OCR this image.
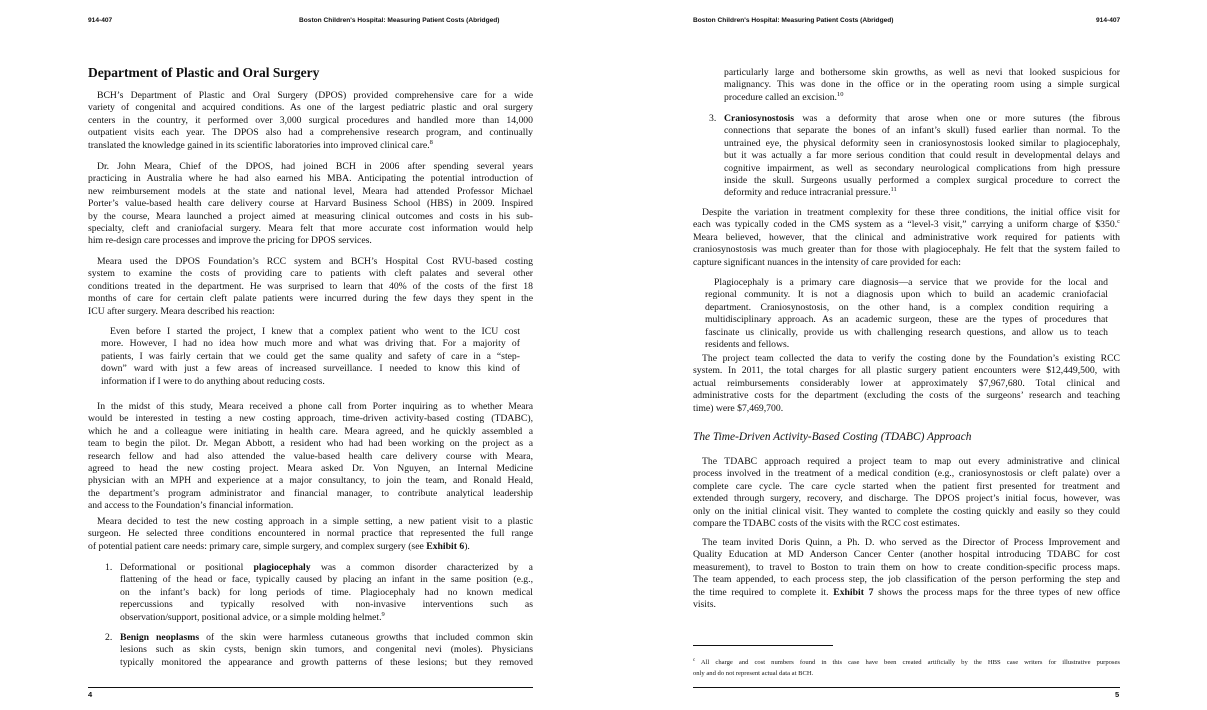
914-407	Boston Children's Hospital: Measuring Patient Costs (Abridged)
Department of Plastic and Oral Surgery
BCH’s Department of Plastic and Oral Surgery (DPOS) provided comprehensive care for a wide
variety of congenital and acquired conditions. As one of the largest pediatric plastic and oral surgery
centers in the country, it performed over 3,000 surgical procedures and handled more than 14,000
outpatient visits each year. The DPOS also had a comprehensive research program, and continually
translated the knowledge gained in its scientific laboratories into improved clinical care.$^8$
Dr. John Meara, Chief of the DPOS, had joined BCH in 2006 after spending several years
practicing in Australia where he had also earned his MBA. Anticipating the potential introduction of
new reimbursement models at the state and national level, Meara had attended Professor Michael
Porter’s value-based health care delivery course at Harvard Business School (HBS) in 2009. Inspired
by the course, Meara launched a project aimed at measuring clinical outcomes and costs in his sub-
specialty, cleft and craniofacial surgery. Meara felt that more accurate cost information would help
him re-design care processes and improve the pricing for DPOS services.
Meara used the DPOS Foundation’s RCC system and BCH’s Hospital Cost RVU-based costing
system to examine the costs of providing care to patients with cleft palates and several other
conditions treated in the department. He was surprised to learn that 40% of the costs of the first 18
months of care for certain cleft palate patients were incurred during the few days they spent in the
ICU after surgery. Meara described his reaction:
Even before I started the project, I knew that a complex patient who went to the ICU cost
more. However, I had no idea how much more and what was driving that. For a majority of
patients, I was fairly certain that we could get the same quality and safety of care in a “step-
down” ward with just a few areas of increased surveillance. I needed to know this kind of
information if I were to do anything about reducing costs.
In the midst of this study, Meara received a phone call from Porter inquiring as to whether Meara
would be interested in testing a new costing approach, time-driven activity-based costing (TDABC),
which he and a colleague were initiating in health care. Meara agreed, and he quickly assembled a
team to begin the pilot. Dr. Megan Abbott, a resident who had had been working on the project as a
research fellow and had also attended the value-based health care delivery course with Meara,
agreed to head the new costing project. Meara asked Dr. Von Nguyen, an Internal Medicine
physician with an MPH and experience at a major consultancy, to join the team, and Ronald Heald,
the department’s program administrator and financial manager, to contribute analytical leadership
and access to the Foundation’s financial information.
Meara decided to test the new costing approach in a simple setting, a new patient visit to a plastic
surgeon. He selected three conditions encountered in normal practice that represented the full range
of potential patient care needs: primary care, simple surgery, and complex surgery (see Exhibit 6).
1. Deformational or positional plagiocephaly was a common disorder characterized by a
flattening of the head or face, typically caused by placing an infant in the same position (e.g.,
on the infant’s back) for long periods of time. Plagiocephaly had no known medical
repercussions and typically resolved with non-invasive interventions such as
observation/support, positional advice, or a simple molding helmet.$^9$
2. Benign neoplasms of the skin were harmless cutaneous growths that included common skin
lesions such as skin cysts, benign skin tumors, and congenital nevi (moles). Physicians
typically monitored the appearance and growth patterns of these lesions; but they removed
4
Boston Children's Hospital: Measuring Patient Costs (Abridged)	914-407
particularly large and bothersome skin growths, as well as nevi that looked suspicious for
malignancy. This was done in the office or in the operating room using a simple surgical
procedure called an excision.$^{10}$
3. Craniosynostosis was a deformity that arose when one or more sutures (the fibrous
connections that separate the bones of an infant’s skull) fused earlier than normal. To the
untrained eye, the physical deformity seen in craniosynostosis looked similar to plagiocephaly,
but it was actually a far more serious condition that could result in developmental delays and
cognitive impairment, as well as secondary neurological complications from high pressure
inside the skull. Surgeons usually performed a complex surgical procedure to correct the
deformity and reduce intracranial pressure.$^{11}$
Despite the variation in treatment complexity for these three conditions, the initial office visit for
each was typically coded in the CMS system as a “level-3 visit,” carrying a uniform charge of $350.$^c$
Meara believed, however, that the clinical and administrative work required for patients with
craniosynostosis was much greater than for those with plagiocephaly. He felt that the system failed to
capture significant nuances in the intensity of care provided for each:
Plagiocephaly is a primary care diagnosis—a service that we provide for the local and
regional community. It is not a diagnosis upon which to build an academic craniofacial
department. Craniosynostosis, on the other hand, is a complex condition requiring a
multidisciplinary approach. As an academic surgeon, these are the types of procedures that
fascinate us clinically, provide us with challenging research questions, and allow us to teach
residents and fellows.
The project team collected the data to verify the costing done by the Foundation’s existing RCC
system. In 2011, the total charges for all plastic surgery patient encounters were $12,449,500, with
actual reimbursements considerably lower at approximately $7,967,680. Total clinical and
administrative costs for the department (excluding the costs of the surgeons’ research and teaching
time) were $7,469,700.
The Time-Driven Activity-Based Costing (TDABC) Approach
The TDABC approach required a project team to map out every administrative and clinical
process involved in the treatment of a medical condition (e.g., craniosynostosis or cleft palate) over a
complete care cycle. The care cycle started when the patient first presented for treatment and
extended through surgery, recovery, and discharge. The DPOS project’s initial focus, however, was
only on the initial clinical visit. They wanted to complete the costing quickly and easily so they could
compare the TDABC costs of the visits with the RCC cost estimates.
The team invited Doris Quinn, a Ph. D. who served as the Director of Process Improvement and
Quality Education at MD Anderson Cancer Center (another hospital introducing TDABC for cost
measurement), to travel to Boston to train them on how to create condition-specific process maps.
The team appended, to each process step, the job classification of the person performing the step and
the time required to complete it. Exhibit 7 shows the process maps for the three types of new office
visits.
$^c$ All charge and cost numbers found in this case have been created artificially by the HBS case writers for illustrative purposes
only and do not represent actual data at BCH.
5
